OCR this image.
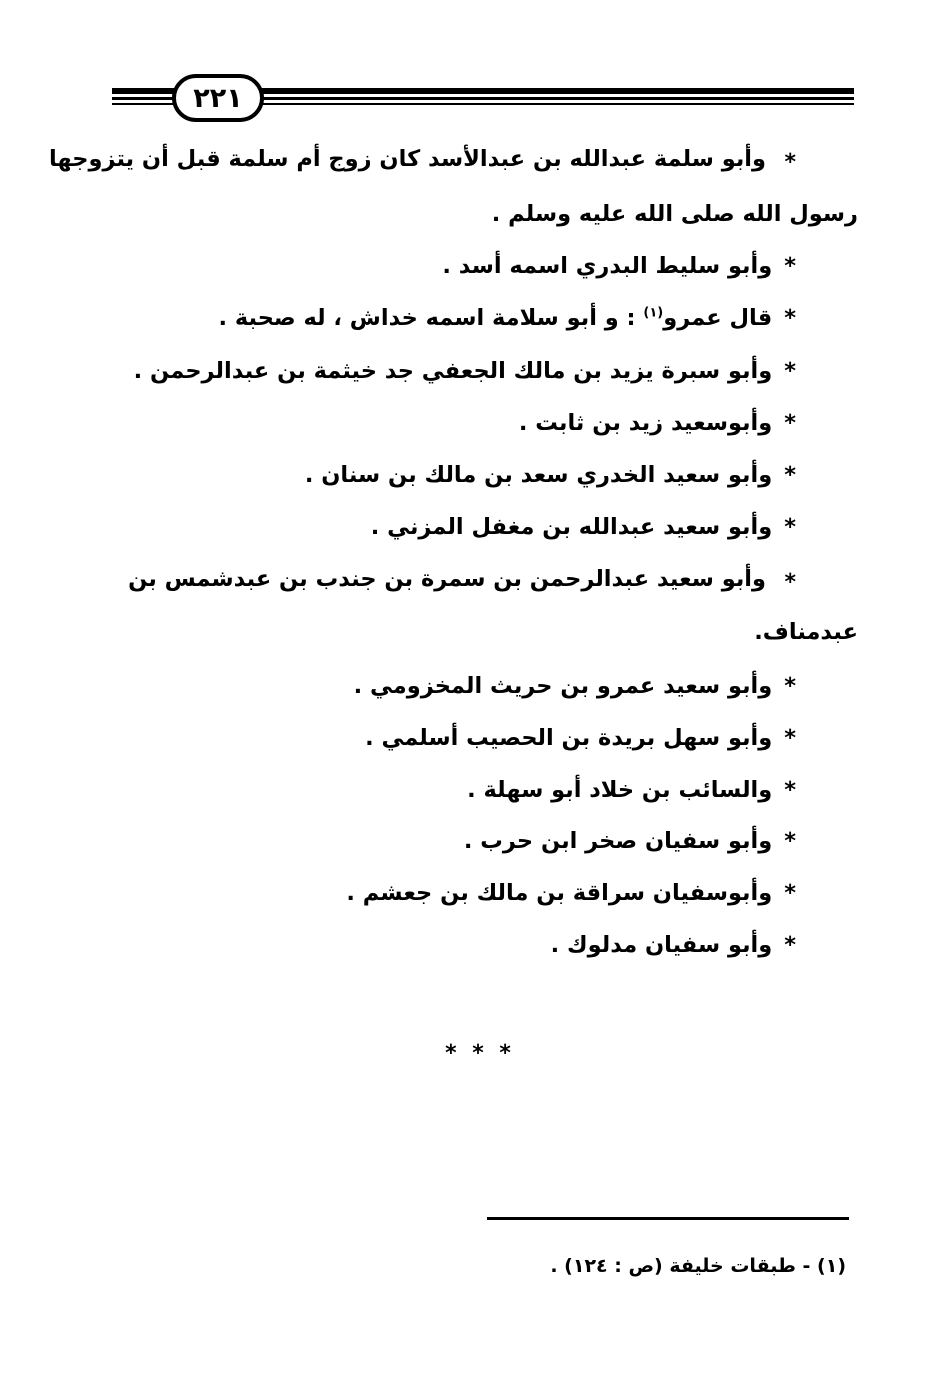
٢٢١
*
وأبو سلمة عبدالله بن عبدالأسد كان زوج أم سلمة قبل أن يتزوجها
رسول الله صلى الله عليه وسلم .
*وأبو سليط البدري اسمه أسد .
*قال عمرو$^{(١)}$ : و أبو سلامة اسمه خداش ، له صحبة .
*وأبو سبرة يزيد بن مالك الجعفي جد خيثمة بن عبدالرحمن .
*وأبوسعيد زيد بن ثابت .
*وأبو سعيد الخدري سعد بن مالك بن سنان .
*وأبو سعيد عبدالله بن مغفل المزني .
*
وأبو سعيد عبدالرحمن بن سمرة بن جندب بن عبدشمس بن
عبدمناف.
*وأبو سعيد عمرو بن حريث المخزومي .
*وأبو سهل بريدة بن الحصيب أسلمي .
*والسائب بن خلاد أبو سهلة .
*وأبو سفيان صخر ابن حرب .
*وأبوسفيان سراقة بن مالك بن جعشم .
*وأبو سفيان مدلوك .
* * *
(١) - طبقات خليفة (ص : ١٢٤) .
